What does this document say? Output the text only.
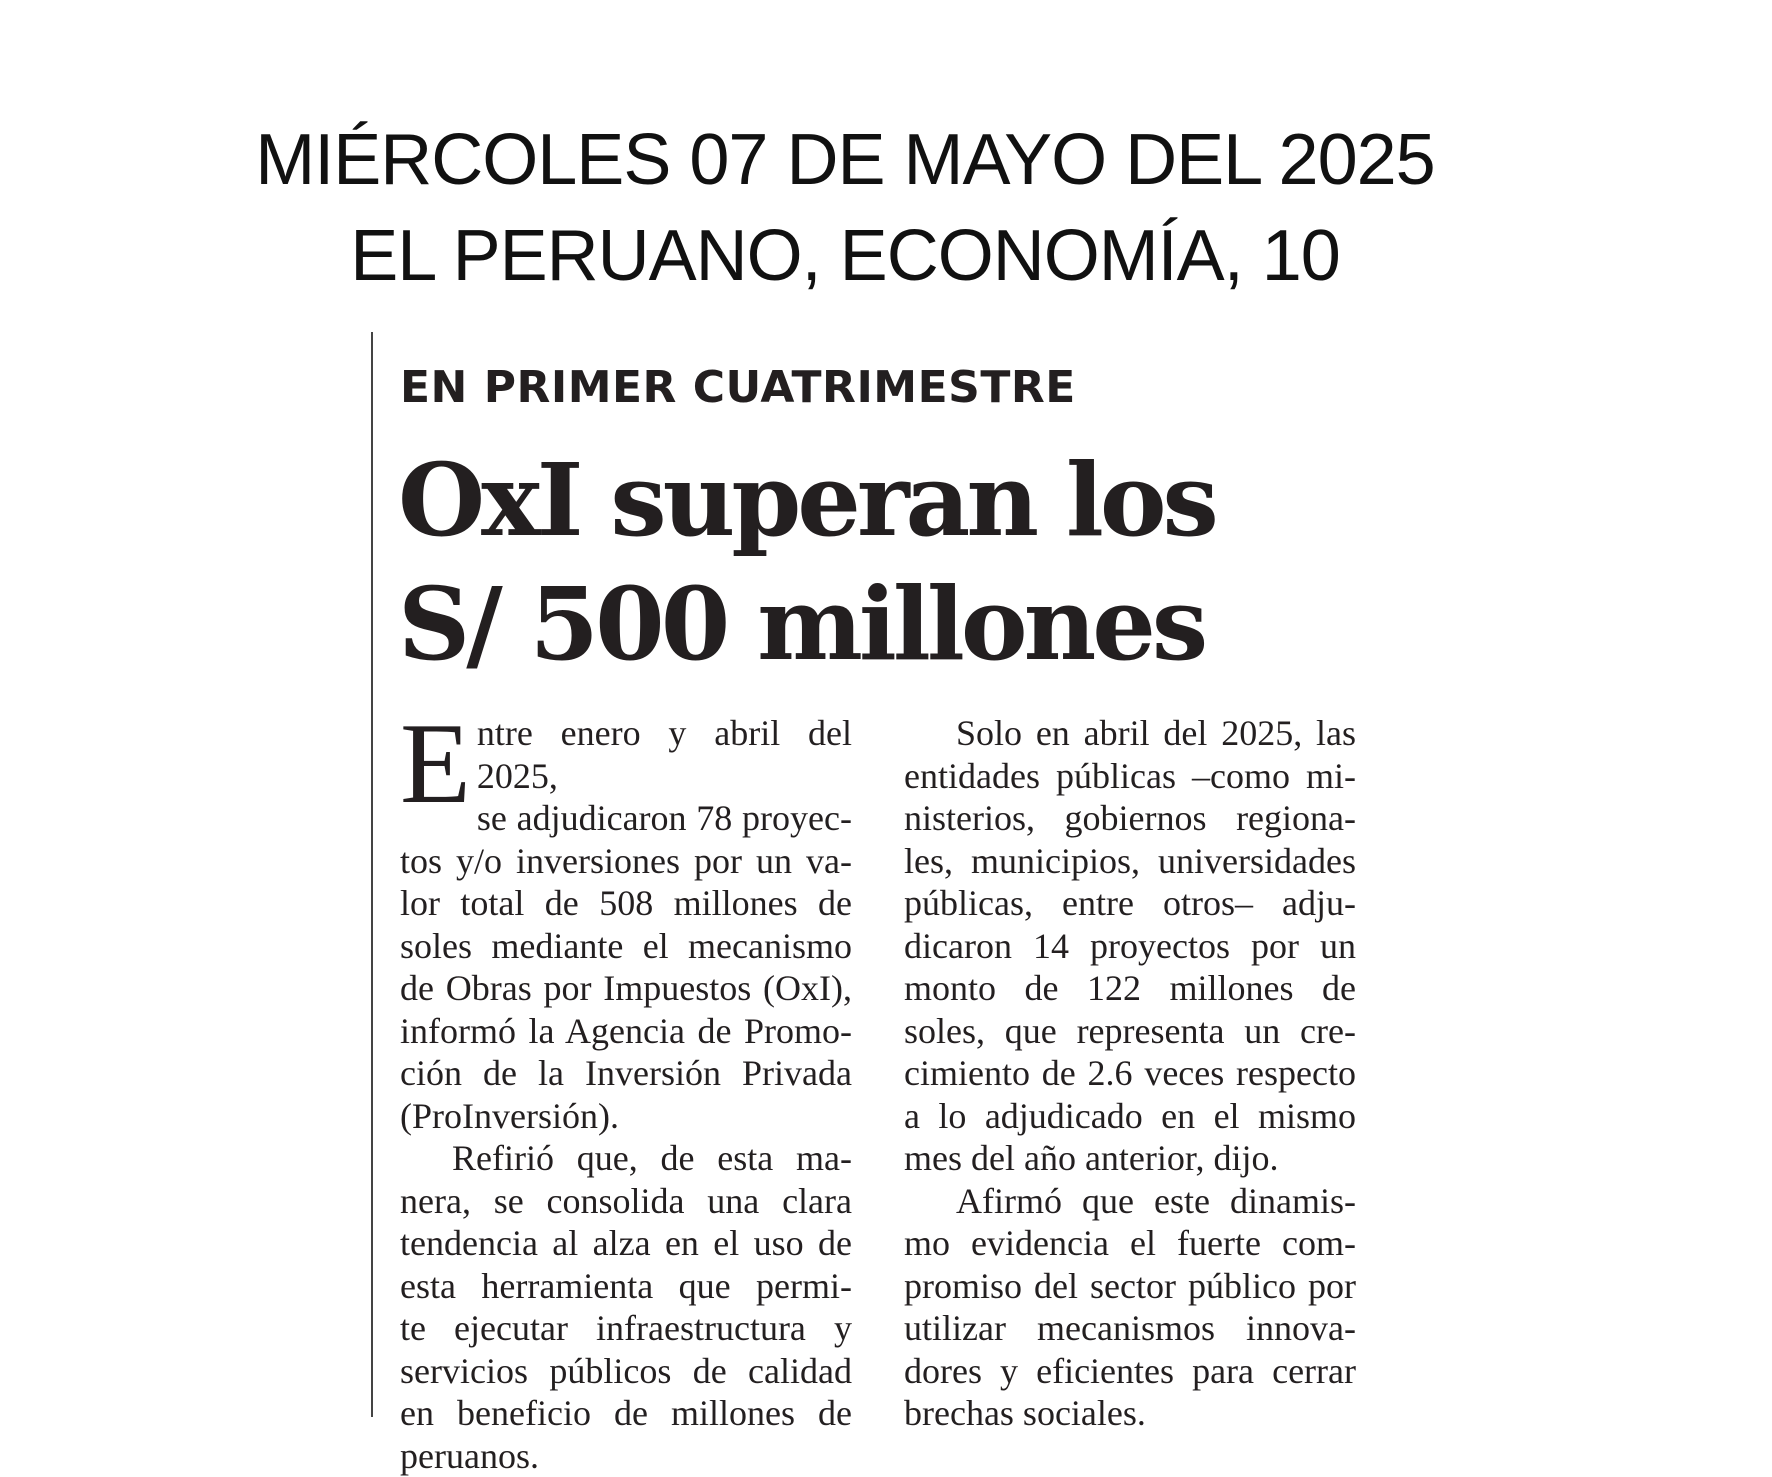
MIÉRCOLES 07 DE MAYO DEL 2025
EL PERUANO, ECONOMÍA, 10
EN PRIMER CUATRIMESTRE
OxI superan los
S/ 500 millones
E ntre enero y abril del 2025,
se adjudicaron 78 proyec-
tos y/o inversiones por un va-
lor total de 508 millones de
soles mediante el mecanismo
de Obras por Impuestos (OxI),
informó la Agencia de Promo-
ción de la Inversión Privada
(ProInversión).
Refirió que, de esta ma-
nera, se consolida una clara
tendencia al alza en el uso de
esta herramienta que permi-
te ejecutar infraestructura y
servicios públicos de calidad
en beneficio de millones de
peruanos.
Solo en abril del 2025, las
entidades públicas –como mi-
nisterios, gobiernos regiona-
les, municipios, universidades
públicas, entre otros– adju-
dicaron 14 proyectos por un
monto de 122 millones de
soles, que representa un cre-
cimiento de 2.6 veces respecto
a lo adjudicado en el mismo
mes del año anterior, dijo.
Afirmó que este dinamis-
mo evidencia el fuerte com-
promiso del sector público por
utilizar mecanismos innova-
dores y eficientes para cerrar
brechas sociales.
